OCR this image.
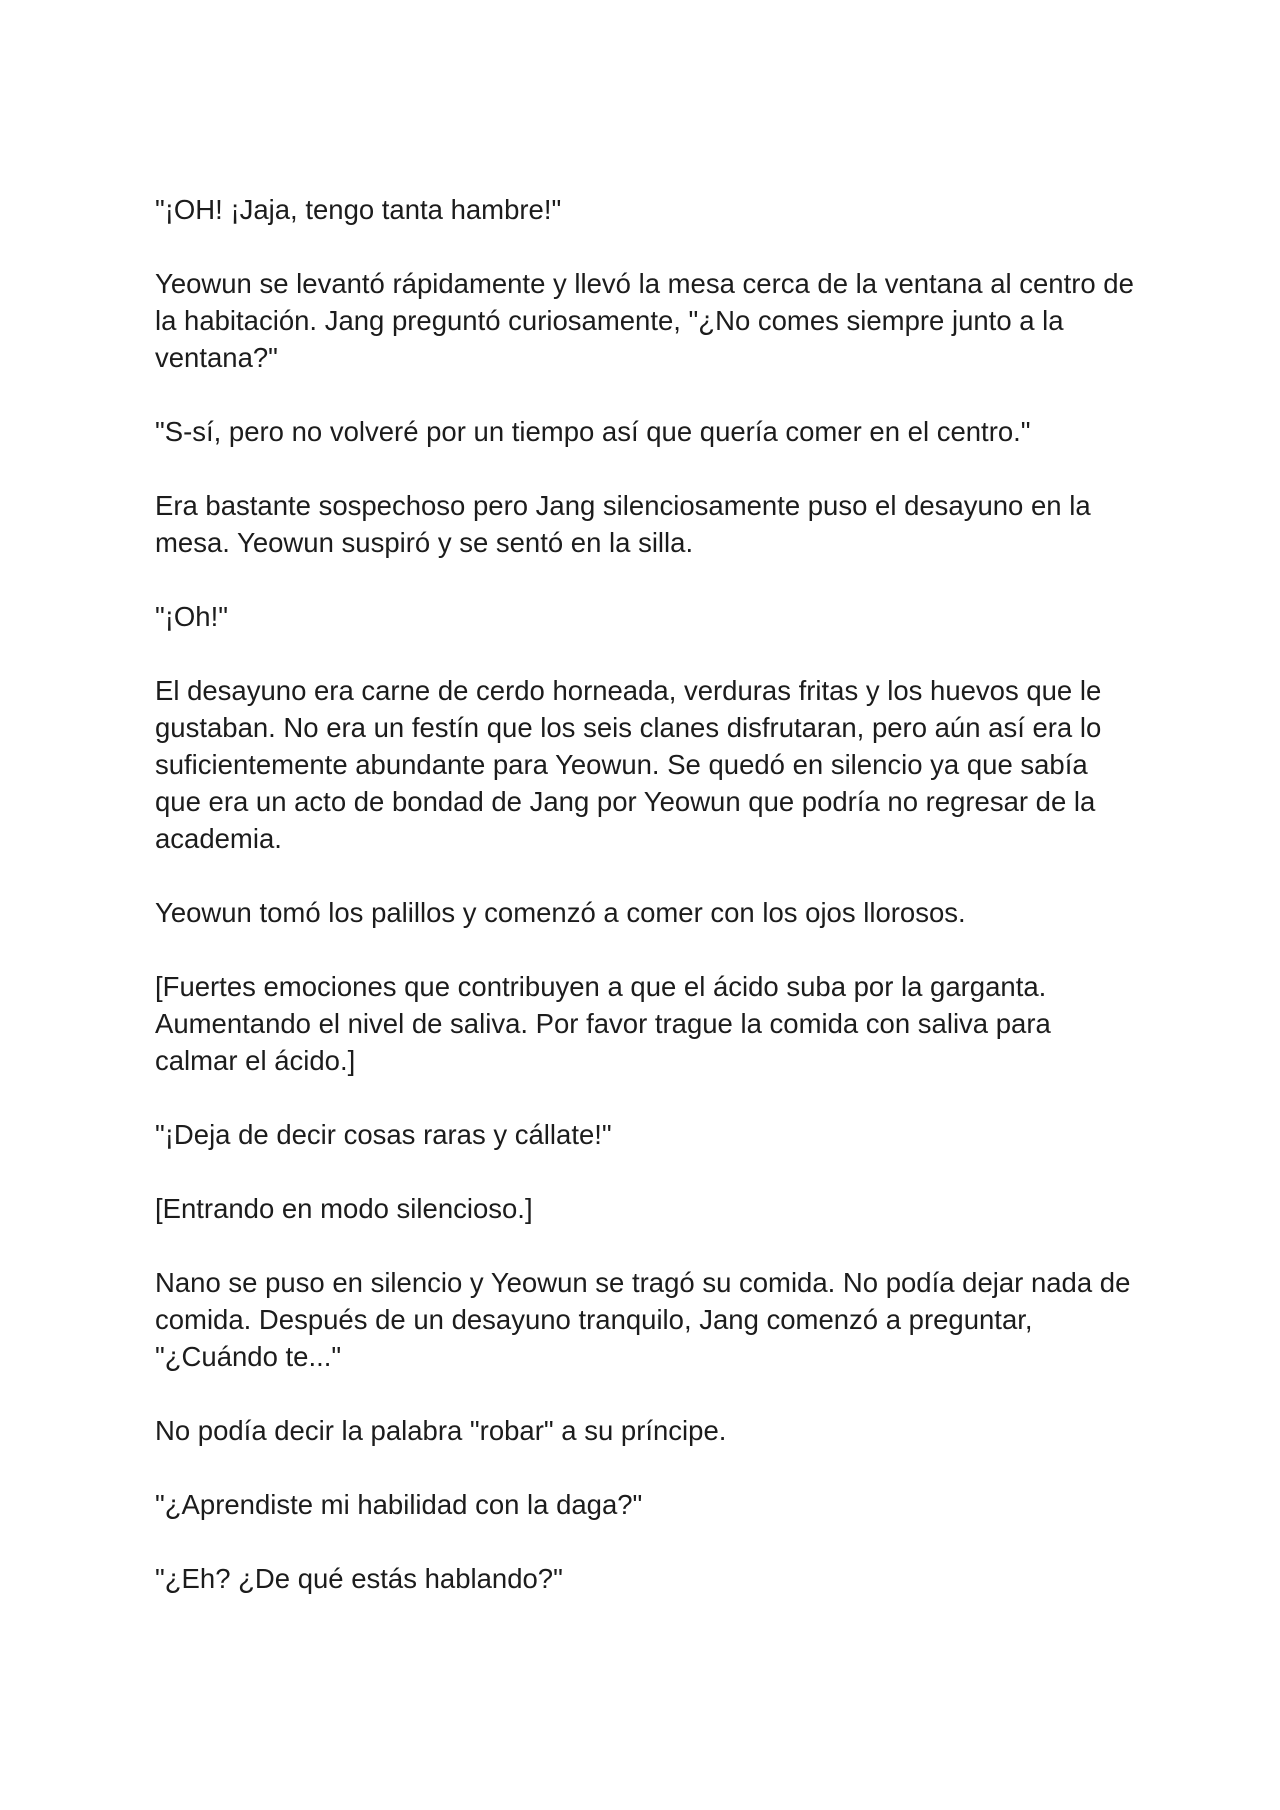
"¡OH! ¡Jaja, tengo tanta hambre!"

Yeowun se levantó rápidamente y llevó la mesa cerca de la ventana al centro de la habitación. Jang preguntó curiosamente, "¿No comes siempre junto a la ventana?"

"S-sí, pero no volveré por un tiempo así que quería comer en el centro."

Era bastante sospechoso pero Jang silenciosamente puso el desayuno en la mesa. Yeowun suspiró y se sentó en la silla.

"¡Oh!"

El desayuno era carne de cerdo horneada, verduras fritas y los huevos que le gustaban. No era un festín que los seis clanes disfrutaran, pero aún así era lo suficientemente abundante para Yeowun. Se quedó en silencio ya que sabía que era un acto de bondad de Jang por Yeowun que podría no regresar de la academia.

Yeowun tomó los palillos y comenzó a comer con los ojos llorosos.

[Fuertes emociones que contribuyen a que el ácido suba por la garganta. Aumentando el nivel de saliva. Por favor trague la comida con saliva para calmar el ácido.]

"¡Deja de decir cosas raras y cállate!"

[Entrando en modo silencioso.]

Nano se puso en silencio y Yeowun se tragó su comida. No podía dejar nada de comida. Después de un desayuno tranquilo, Jang comenzó a preguntar, "¿Cuándo te..."

No podía decir la palabra "robar" a su príncipe.

"¿Aprendiste mi habilidad con la daga?"

"¿Eh? ¿De qué estás hablando?"
